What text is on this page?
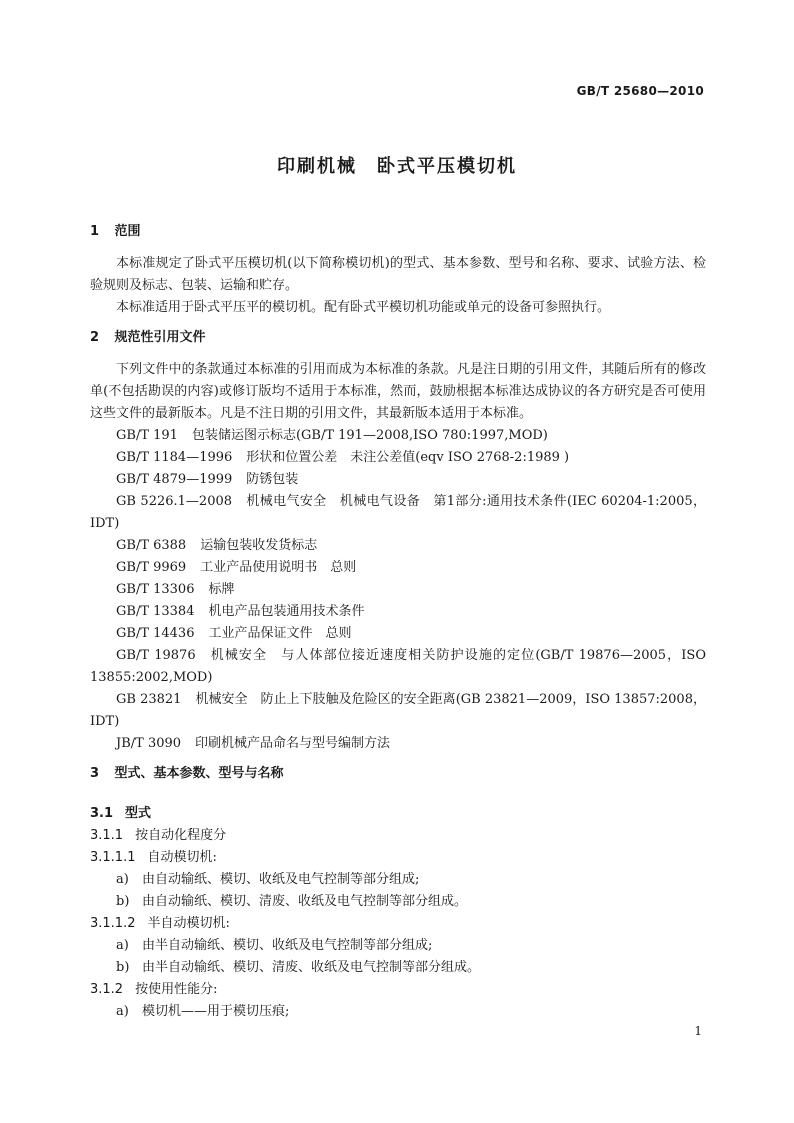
GB/T 25680—2010
印刷机械　卧式平压模切机

1 范围

本标准规定了卧式平压模切机(以下简称模切机)的型式、基本参数、型号和名称、要求、试验方法、检验规则及标志、包装、运输和贮存。

本标准适用于卧式平压平的模切机。配有卧式平模切机功能或单元的设备可参照执行。

2 规范性引用文件

下列文件中的条款通过本标准的引用而成为本标准的条款。凡是注日期的引用文件，其随后所有的修改单(不包括勘误的内容)或修订版均不适用于本标准，然而，鼓励根据本标准达成协议的各方研究是否可使用这些文件的最新版本。凡是不注日期的引用文件，其最新版本适用于本标准。

GB/T 191 包装储运图示标志(GB/T 191—2008,ISO 780:1997,MOD)

GB/T 1184—1996 形状和位置公差　未注公差值(eqv ISO 2768-2:1989 )

GB/T 4879—1999 防锈包装

GB 5226.1—2008 机械电气安全　机械电气设备　第1部分:通用技术条件(IEC 60204-1:2005，IDT)

GB/T 6388 运输包装收发货标志

GB/T 9969 工业产品使用说明书　总则

GB/T 13306 标牌

GB/T 13384 机电产品包装通用技术条件

GB/T 14436 工业产品保证文件　总则

GB/T 19876 机械安全　与人体部位接近速度相关防护设施的定位(GB/T 19876—2005，ISO 13855:2002,MOD)

GB 23821 机械安全　防止上下肢触及危险区的安全距离(GB 23821—2009，ISO 13857:2008，IDT)

JB/T 3090 印刷机械产品命名与型号编制方法

3 型式、基本参数、型号与名称

3.1 型式

3.1.1 按自动化程度分

3.1.1.1 自动模切机:

a) 由自动输纸、模切、收纸及电气控制等部分组成;

b) 由自动输纸、模切、清废、收纸及电气控制等部分组成。

3.1.1.2 半自动模切机:

a) 由半自动输纸、模切、收纸及电气控制等部分组成;

b) 由半自动输纸、模切、清废、收纸及电气控制等部分组成。

3.1.2 按使用性能分:

a) 模切机——用于模切压痕;

1
